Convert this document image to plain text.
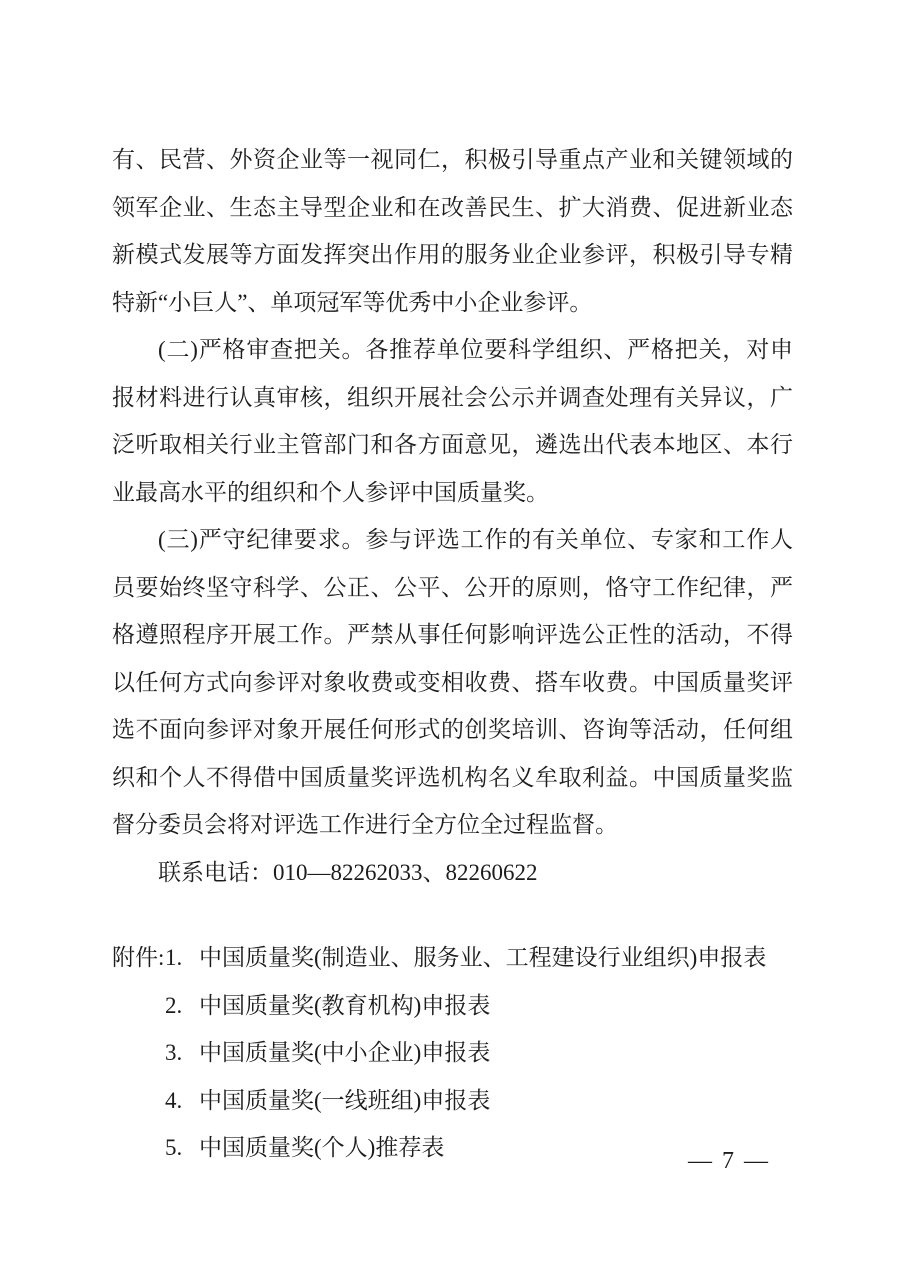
有、民营、外资企业等一视同仁，积极引导重点产业和关键领域的领军企业、生态主导型企业和在改善民生、扩大消费、促进新业态新模式发展等方面发挥突出作用的服务业企业参评，积极引导专精特新“小巨人”、单项冠军等优秀中小企业参评。

(二)严格审查把关。各推荐单位要科学组织、严格把关，对申报材料进行认真审核，组织开展社会公示并调查处理有关异议，广泛听取相关行业主管部门和各方面意见，遴选出代表本地区、本行业最高水平的组织和个人参评中国质量奖。

(三)严守纪律要求。参与评选工作的有关单位、专家和工作人员要始终坚守科学、公正、公平、公开的原则，恪守工作纪律，严格遵照程序开展工作。严禁从事任何影响评选公正性的活动，不得以任何方式向参评对象收费或变相收费、搭车收费。中国质量奖评选不面向参评对象开展任何形式的创奖培训、咨询等活动，任何组织和个人不得借中国质量奖评选机构名义牟取利益。中国质量奖监督分委员会将对评选工作进行全方位全过程监督。

联系电话：010—82262033、82260622

附件: 1. 中国质量奖(制造业、服务业、工程建设行业组织)申报表
2. 中国质量奖(教育机构)申报表
3. 中国质量奖(中小企业)申报表
4. 中国质量奖(一线班组)申报表
5. 中国质量奖(个人)推荐表
— 7 —
